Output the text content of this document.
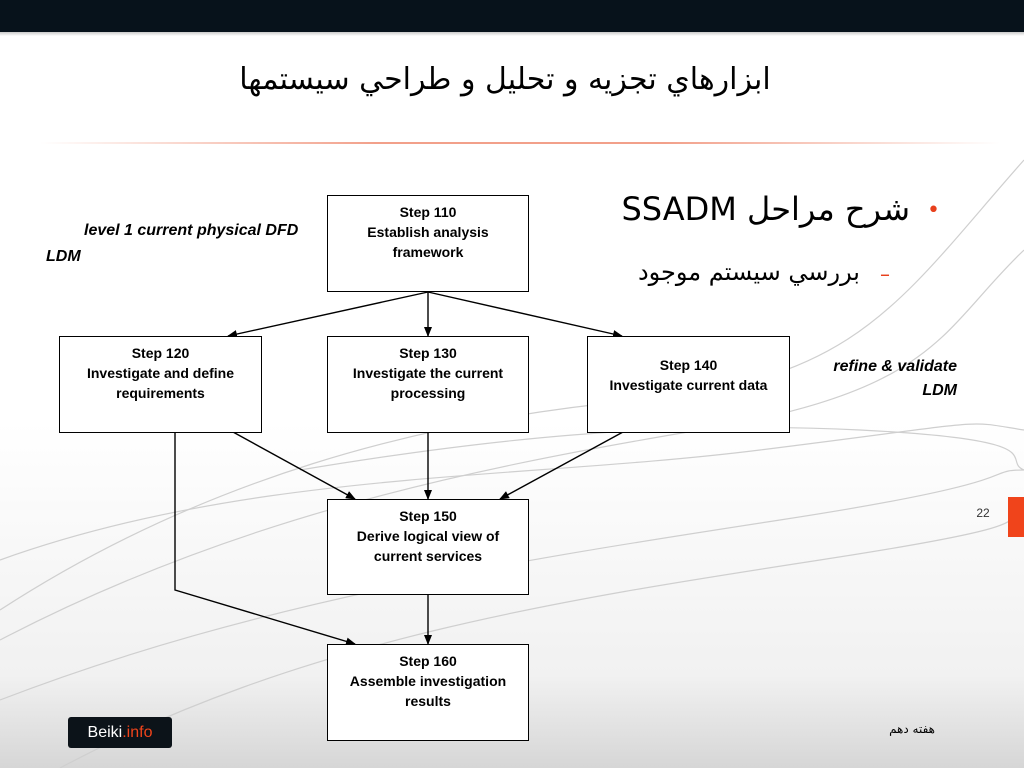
ابزارهاي تجزيه و تحليل و طراحي سيستمها
•
شرح مراحل SSADM
–
بررسي سيستم موجود
level 1 current physical DFD
LDM
refine & validate
LDM
Step 110
Establish analysis
framework
Step 120
Investigate and define
requirements
Step 130
Investigate the current
processing
Step 140
Investigate current data
Step 150
Derive logical view of
current services
Step 160
Assemble investigation
results
22
Beiki.info	هفته دهم
